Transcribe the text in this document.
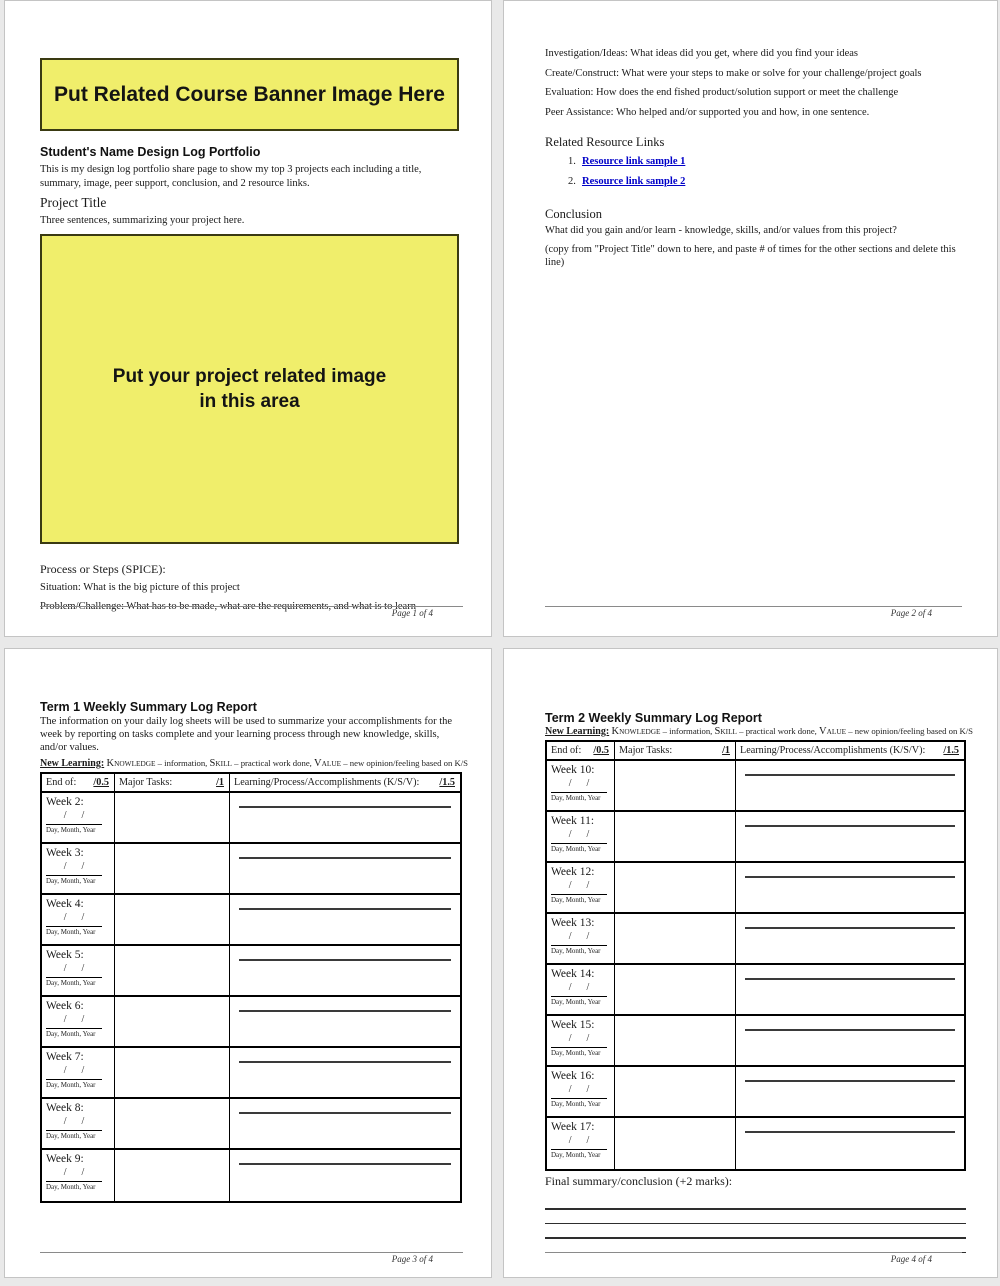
Put Related Course Banner Image Here
Student's Name Design Log Portfolio

This is my design log portfolio share page to show my top 3 projects each including a title, summary, image, peer support, conclusion, and 2 resource links.

Project Title

Three sentences, summarizing your project here.

Put your project related image
in this area
Process or Steps (SPICE):

Situation: What is the big picture of this project

Problem/Challenge: What has to be made, what are the requirements, and what is to learn

Page 1 of 4

Investigation/Ideas: What ideas did you get, where did you find your ideas

Create/Construct: What were your steps to make or solve for your challenge/project goals

Evaluation: How does the end fished product/solution support or meet the challenge

Peer Assistance: Who helped and/or supported you and how, in one sentence.

Related Resource Links
1. Resource link sample 1
2. Resource link sample 2
Conclusion

What did you gain and/or learn - knowledge, skills, and/or values from this project?

(copy from "Project Title" down to here, and paste # of times for the other sections and delete this line)

Page 2 of 4
Term 1 Weekly Summary Log Report

The information on your daily log sheets will be used to summarize your accomplishments for the week by reporting on tasks complete and your learning process through new knowledge, skills, and/or values.

New Learning: KNOWLEDGE – information, SKILL – practical work done, VALUE – new opinion/feeling based on K/S
End of: /0.5 Major Tasks:	/1 Learning/Process/Accomplishments (K/S/V): /1.5
Week 2:
/      /
Day, Month, Year
Week 3:
/      /
Day, Month, Year
Week 4:
/      /
Day, Month, Year
Week 5:
/      /
Day, Month, Year
Week 6:
/      /
Day, Month, Year
Week 7:
/      /
Day, Month, Year
Week 8:
/      /
Day, Month, Year
Week 9:
/      /
Day, Month, Year
Page 3 of 4
Term 2 Weekly Summary Log Report
New Learning: KNOWLEDGE – information, SKILL – practical work done, VALUE – new opinion/feeling based on K/S
End of: /0.5 Major Tasks:	/1 Learning/Process/Accomplishments (K/S/V): /1.5
Week 10:
/      /
Day, Month, Year
Week 11:
/      /
Day, Month, Year
Week 12:
/      /
Day, Month, Year
Week 13:
/      /
Day, Month, Year
Week 14:
/      /
Day, Month, Year
Week 15:
/      /
Day, Month, Year
Week 16:
/      /
Day, Month, Year
Week 17:
/      /
Day, Month, Year
Final summary/conclusion (+2 marks):
Page 4 of 4
